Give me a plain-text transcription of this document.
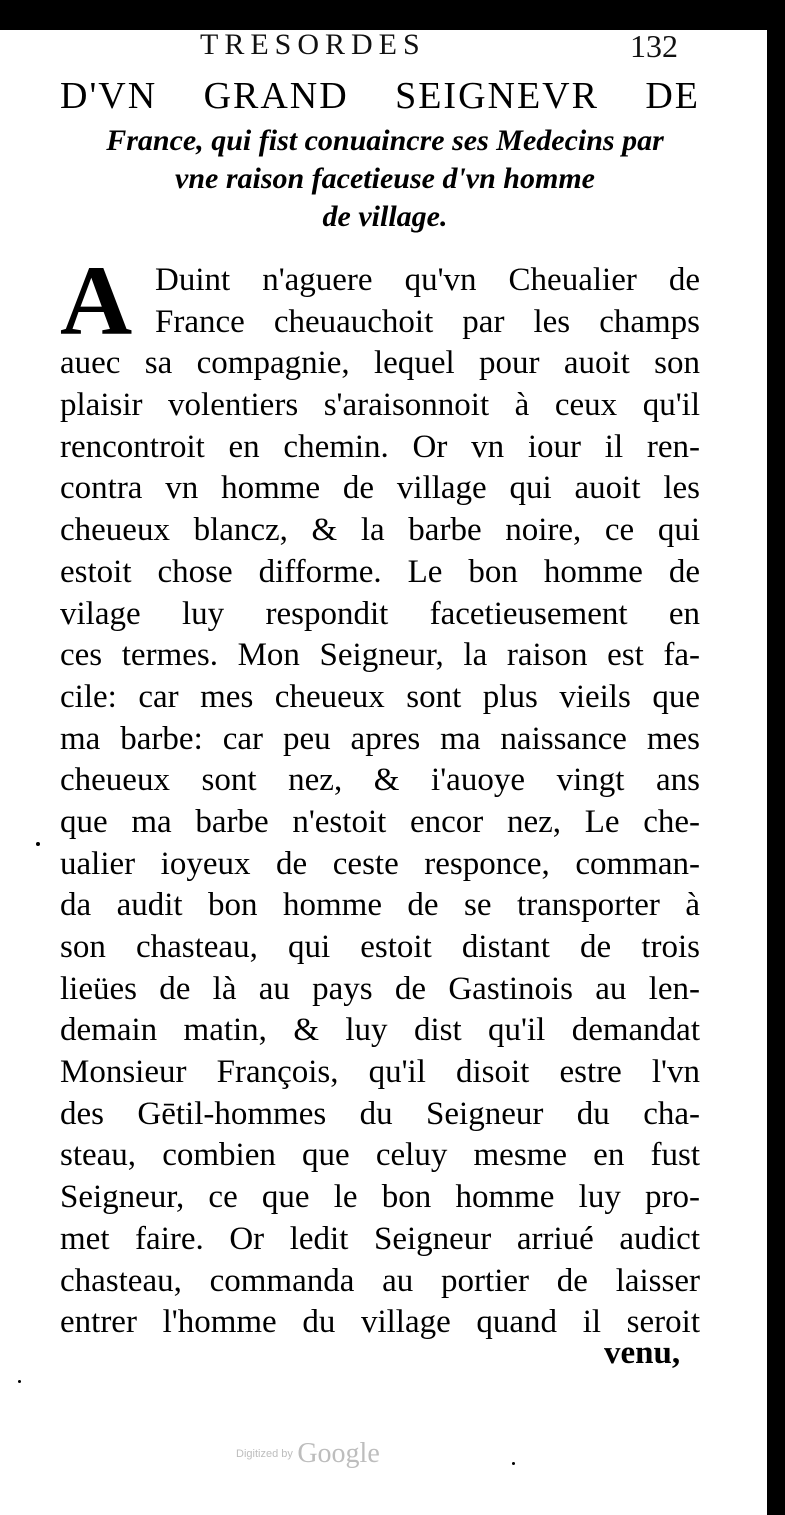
TRESORDES	132
D'VN GRAND SEIGNEVR DE
France, qui fist conuaincre ses Medecins par
vne raison facetieuse d'vn homme
de village.
A Duint n'aguere qu'vn Cheualier de
France cheuauchoit par les champs
auec sa compagnie, lequel pour auoit son
plaisir volentiers s'araisonnoit à ceux qu'il
rencontroit en chemin. Or vn iour il ren-
contra vn homme de village qui auoit les
cheueux blancz, & la barbe noire, ce qui
estoit chose difforme. Le bon homme de
vilage luy respondit facetieusement en
ces termes. Mon Seigneur, la raison est fa-
cile: car mes cheueux sont plus vieils que
ma barbe: car peu apres ma naissance mes
cheueux sont nez, & i'auoye vingt ans
que ma barbe n'estoit encor nez, Le che-
ualier ioyeux de ceste responce, comman-
da audit bon homme de se transporter à
son chasteau, qui estoit distant de trois
lieües de là au pays de Gastinois au len-
demain matin, & luy dist qu'il demandat
Monsieur François, qu'il disoit estre l'vn
des Gētil-hommes du Seigneur du cha-
steau, combien que celuy mesme en fust
Seigneur, ce que le bon homme luy pro-
met faire. Or ledit Seigneur arriué audict
chasteau, commanda au portier de laisser
entrer l'homme du village quand il seroit
venu,
Digitized by Google
